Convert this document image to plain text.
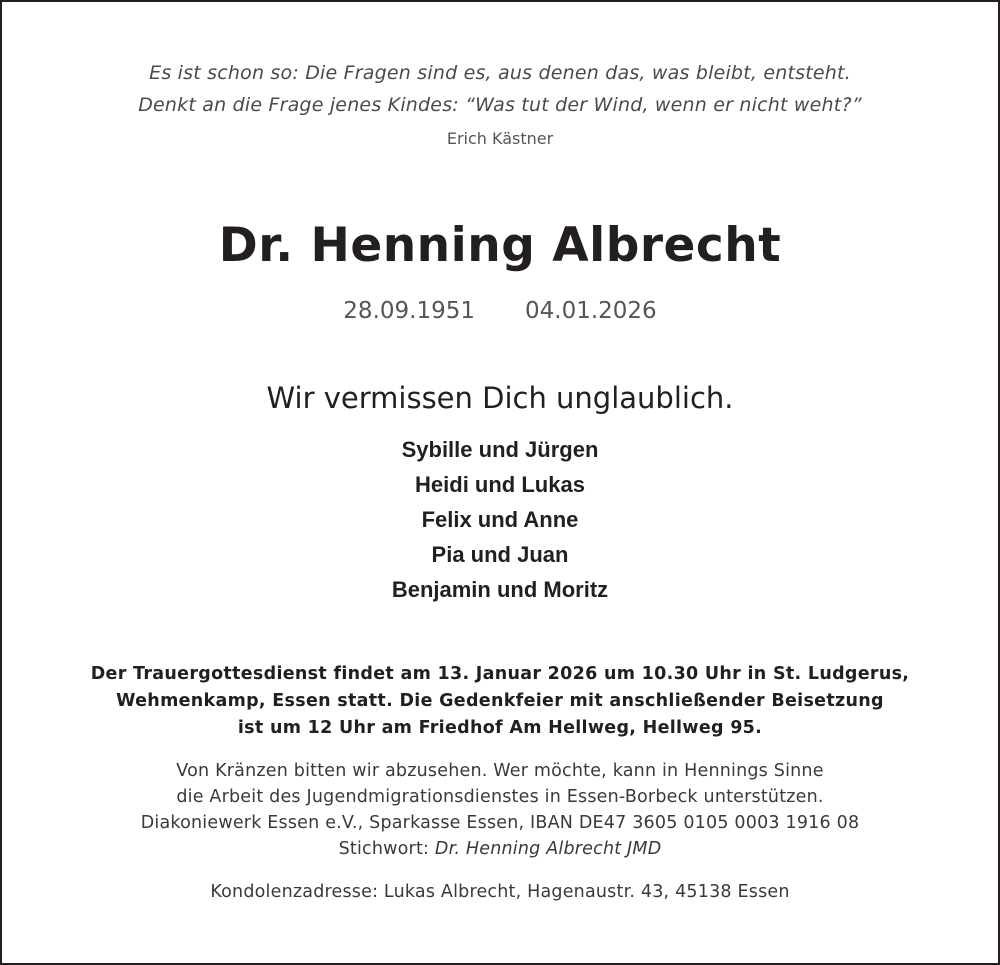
Es ist schon so: Die Fragen sind es, aus denen das, was bleibt, entsteht.
Denkt an die Frage jenes Kindes: “Was tut der Wind, wenn er nicht weht?”
Erich Kästner
Dr. Henning Albrecht
28.09.1951 04.01.2026
Wir vermissen Dich unglaublich.
Sybille und Jürgen
Heidi und Lukas
Felix und Anne
Pia und Juan
Benjamin und Moritz
Der Trauergottesdienst findet am 13. Januar 2026 um 10.30 Uhr in St. Ludgerus,
Wehmenkamp, Essen statt. Die Gedenkfeier mit anschließender Beisetzung
ist um 12 Uhr am Friedhof Am Hellweg, Hellweg 95.
Von Kränzen bitten wir abzusehen. Wer möchte, kann in Hennings Sinne
die Arbeit des Jugendmigrationsdienstes in Essen-Borbeck unterstützen.
Diakoniewerk Essen e.V., Sparkasse Essen, IBAN DE47 3605 0105 0003 1916 08
Stichwort: Dr. Henning Albrecht JMD
Kondolenzadresse: Lukas Albrecht, Hagenaustr. 43, 45138 Essen
